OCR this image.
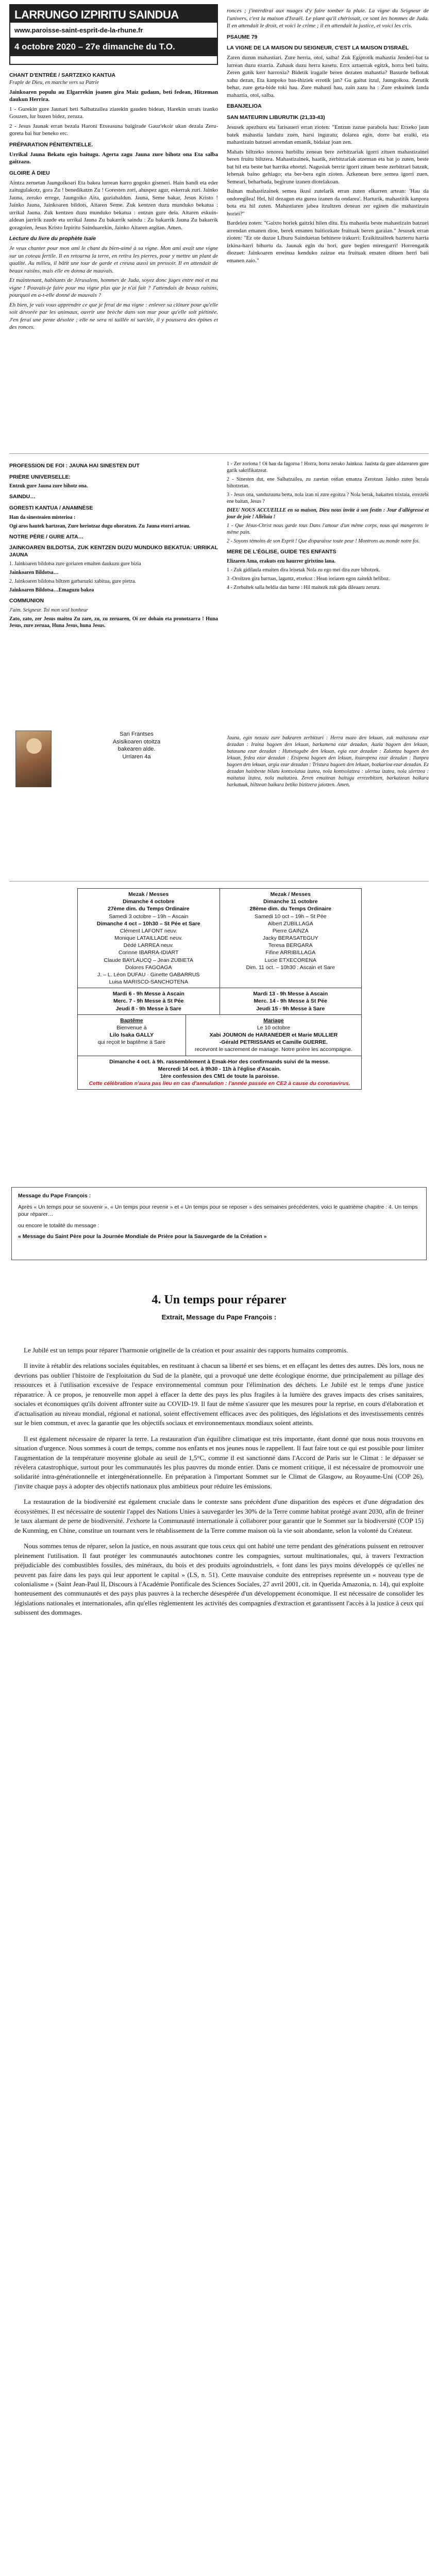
LARRUNGO IZPIRITU SAINDUA
www.paroisse-saint-esprit-de-la-rhune.fr
4 octobre 2020 – 27e dimanche du T.O.
CHANT D'ENTRÉE / SARTZEKO KANTUA
Fraple de Dieu, en marche vers sa Patrie

Jainkoaren populu au Elgarrekin joanen gira Maiz gudaun, beti fedean, Hitzeman daukun Herrira.

1 - Gurekin gure Jaunari beti Salbatzailea ziarekin gauden bidean, Harekin urrats izanko Gouzen, lur buzen bidez, zeruza.

2 - Jesus Jaunak erran bezala Haroni Etxeasuna baigirade Gauz'ekoir ukan dezala Zeru-goreta bai hur beneko erc.

PRÉPARATION PÉNITENTIELLE.

Urrikal Jauna Bekatu egin baitugu. Agerta zagu Jauna zure bihotz ona Eta salba gaitzazu.

GLOIRE À DIEU

Aintza zeruetan Jaungoikoari Eta bakea lurrean harro gogoko giseneri. Hain handi eta eder zaitugulakotz, gora Zu ! benedikatzn Zu ! Goresten zori, ahuspez agur, eskerrak zuri. Jainko Jauna, zeruko errege, Jaungoiko Aita, guziahaldun. Jauna, Seme bakar, Jesus Kristo ! Jainko Jauna, Jainkoaren bildots, Aitaren Seme. Zuk kentzen duzu munduko bekatua : urrikal Jauna. Zuk kentzen duzu munduko bekatua : entzun gure deia. Aitaren eskuin-aldean jarririk zaude eta urrikal Jauna Zu bakarrik saindu : Zu bakarrik Jauna Zu bakarrik goragoien, Jesus Kristo Izpiritu Sainduarekin, Jainko Aitaren argitan. Amen.

Lecture du livre du prophète Isaïe

Je veux chanter pour mon ami le chant du bien-aimé à sa vigne. Mon ami avait une vigne sur un coteau fertile. Il en retourna la terre, en retira les pierres, pour y mettre un plant de qualité. Au milieu, il bâtit une tour de garde et creusa aussi un pressoir. Il en attendait de beaux raisins, mais elle en donna de mauvais.

Et maintenant, habitants de Jérusalem, hommes de Juda, soyez donc juges entre moi et ma vigne ! Pouvais-je faire pour ma vigne plus que je n'ai fait ? J'attendais de beaux raisins, pourquoi en a-t-elle donné de mauvais ?

Eh bien, je vais vous apprendre ce que je ferai de ma vigne : enlever sa clôture pour qu'elle soit dévorée par les animaux, ouvrir une brèche dans son mur pour qu'elle soit piétinée. J'en ferai une pente désolée ; elle ne sera ni taillée ni sarclée, il y poussera des épines et des ronces.

ronces ; j'interdirai aux nuages d'y faire tomber la pluie. La vigne du Seigneur de l'univers, c'est la maison d'Israël. Le plant qu'il chérissait, ce sont les hommes de Juda. Il en attendait le droit, et voici le crime ; il en attendait la justice, et voici les cris.

PSAUME 79
LA VIGNE DE LA MAISON DU SEIGNEUR, C'EST LA MAISON D'ISRAËL

Zaren duzun mahastiari. Zure herria, otoi, salba! Zuk Egiptotik mahastia Jenderi-bat ta lurrean duzu ezarria. Zuhauk duzu herra kasetu. Errx aztaerrak egitzk, horra beti baitu. Zeren gutik kerr harroxia? Bidetik iragaile beren dezaten mahastia? Basurde bellotak xahu dezan, Eta kanpoko bas-ihiziek errotik jan? Gu gaitut itzul, Jaungoikoa. Zerutik behar, zure geta-bide toki hau. Zure mahasti hau, zain zazu ha : Zure eskuinek landa mahaztia, otoi, salba.

EBANJELIOA
SAN MATEURIN LIBURUTIK (21,33-43)

Jesusek apezburu eta farisaueri erran zioten: "Entzun zazue parabola hau: Etxeko jaun batek mahastia landatu zuen, harsi inguratu; dolarea egin, dorre bat eraiki, eta mahastizain batzuei arrendan emanik, bidaiaz joan zen.

Mahats biltzeko tenorea hurbiltu zenean bere zerbitzariak igorri zituen mahastizainei beren fruitu biltzera. Mahastizainek, haatik, zerbitzariak atzeman eta bat jo zuten, beste bat hil eta beste bat harrika ehortzi. Nagusiak berriz igorri zituen beste zerbitzari batzuk, lehenak baino gehiago; eta ber-bera egin zioten. Azkenean bere semea igorri zuen. Semeari, beharbada, begirune izanen diotelakoan.

Bainan mahastizainek semea ikusi zutelarik erran zuten elkarren artean: 'Hau da ondoregilea! Hel, hil dezagun eta gurea izanen da ondarea'. Harturik, mahastitik kanpora bota eta hil zuten. Mahastiaren jabea itzultzen denean zer eginen die mahastizain horiei?"

Bardeleu zoten: "Gaixto horiek gaitzki hilen ditu. Eta mahastia beste mahastizain batzuei arrendan emanen dioe, berek emanen baitiozkate fruituak beren garaian." Jesusek erran zioten: "Ez ote duzue Liburu Sainduetan behinere irakurri: Eraikitzaileek baztertu harria izkina-harri bihurtu da. Jaunak egin du hori, gure begien miresgarri! Horrengatik diozuet: Jainkoaren erreinua kenduko zaizue eta fruituak ematen dituen herri bati emanen zaio."

PROFESSION DE FOI : JAUNA HAI SINESTEN DUT
PRIÈRE UNIVERSELLE:

Entzuk gure Jauna zure bihotz ona.

SAINDU…
GORESTI KANTUA / ANAMNÈSE

Han da sinesteaien misterioa :

Ogi aros hautek hartzean, Zure heriotzaz dugu ohoratzen. Zu Jauna etorri arteau.

NOTRE PÈRE / GURE AITA…
JAINKOAREN BILDOTSA, ZUK KENTZEN DUZU MUNDUKO BEKATUA: URRIKAL JAUNA

1. Jainkoaren bildotsa zure goriaren emaiten daukuzu gure bizia

Jainkoaren Bildotsa…

2. Jainkoaren bildotsa biltzen garbaruzki xabitua, gure pietza.

Jainkoaren Bildotsa…Emaguzu bakea

COMMUNION

J'aim. Seigneur. Toi mon seul bonheur

Zato, zato, zer Jesus maitea Zu zare, zu, zu zeruaren, Oi zer dohain eta pronotzarra ! Huna Jesus, zure zeruaa, Huna Jesus, huna Jesus.

1 - Zer zoriona ! Oi hau da fagoroa ! Horra, horra zerako Jainkoa. Jauista da gure aldarearen gure garik sakrifikatzeat.

2 - Sinesten dut, ene Salbatzailea, zu zaretan ostian emanza Zerotzan Jainko zuten bezala bihotzetan.

3 - Jesus ona, sanduzuuna berta, nola izan ni zure egoitza ? Nola berak, bakarten trixtaia, errezebi ene baitan, Jesus ?

DIEU NOUS ACCUEILLE en sa maison, Dieu nous invite à son festin : Jour d'allégresse et jour de joie ! Alléluia !

1 - Que Jésus-Christ nous garde tous Dans l'amour d'un même corps, nous qui mangerons le même pain.

2 - Soyons témoins de son Esprit ! Que disparaisse toute peur ! Montrons au monde notre foi.

MERE DE L'ÉGLISE, GUIDE TES ENFANTS

Elizaren Ama, erakuts ezu haurrer girixtino lana.

1 - Zuk gidilaula emaiten dira leisetak Nola zu ego mei dira zure bihotzek.

3 -Oroitzen gira barruas, laguntz, etxekoz : Hean ioriaren egon zaitekh heliboz.

4 - Zorbaitek salla heldia dan barne : Hil maitezk zuk gida dileaaru zeruru.

San Frantses
Asisikoaren otoitza
bakearen alde.
Urriaren 4a

Jauna, egin nezazu zure bakearen zerbitzari : Herra mazo den lekuan, zuk maitasuna ezar dezadan : Iraina bagoen den lekuan, barkamena ezar dezadan, Auzia bagoen den lekuan, batasuna ezar dezadan : Hutsetagabe den lekuan, egia ezar dezadan : Zalantza bagoen den lekuan, fedea ezar dezadan : Etsipena bagoen den lekuan, itxaropena ezar dezadan : Ilunpea bagoen den lekuan, argia ezar dezadan : Tristura bagoen den lekuan, bozkarioa ezar dezadan. Ez dezadan hainbeste bilatu kontsolatua izatea, nola kontsolatzea : ulertua izatea, nola ulertzea : maitatua izatea, nola maitatzea. Zeren emaitean baitugu errezebitzen, barkatzean baikara barkatuak, hiltzean baikara betiko bizitzera jaiotzen. Amen.

Mezak / Messes
Dimanche 4 octobre
27ème dim. du Temps Ordinaire
Samedi 3 octobre – 19h – Ascain
Dimanche 4 oct – 10h30 – St Pée et Sare
Clément LAFONT neuv.
Monique LATAILLADE neuv.
Dédé LARREA neuv.
Corinne IBARRA-IDIART
Claude BAYLAUCQ – Jean ZUBIETA
Dolores FAGOAGA
J. – L. Léon DUFAU · Ginette GABARRUS
Luisa MARISCO-SANCHOTENA
Mezak / Messes
Dimanche 11 octobre
28ème dim. du Temps Ordinaire
Samedi 10 oct – 19h – St Pée
Albert ZUBILLAGA
Pierre GAINZA
Jacky BERASATEGUY
Teresa BERGARA
Fifine ARRIBILLAGA
Lucie ETXECORENA
Dim. 11 oct. – 10h30 : Ascain et Sare
Mardi 6 - 9h Messe à Ascain
Merc. 7 - 9h Messe à St Pée
Jeudi 8 - 9h Messe à Sare
Mardi 13 - 9h Messe à Ascain
Merc. 14 - 9h Messe à St Pée
Jeudi 15 - 9h Messe à Sare
Baptême
Bienvenue à
Lilo Isaka GALLY
qui reçoit le baptême à Sare
Mariage
Le 10 octobre
Xabi JOUMON de HARANEDER et Marie MULLIER
-Gérald PETRISSANS et Camille GUERRE.
recevront le sacrement de mariage. Notre prière les accompagne.
Dimanche 4 oct. à 9h. rassemblement à Emak-Hor des confirmands suivi de la messe.
Mercredi 14 oct. à 9h30 - 11h à l'église d'Ascain.
1ère confession des CM1 de toute la paroisse.
Cette célébration n'aura pas lieu en cas d'annulation : l'année passée en CE2 à cause du coronavirus.
Message du Pape François :

Après « Un temps pour se souvenir », « Un temps pour revenir » et « Un temps pour se reposer » des semaines précédentes, voici le quatrième chapitre : 4. Un temps pour réparer…

ou encore le totalité du message :

« Message du Saint Père pour la Journée Mondiale de Prière pour la Sauvegarde de la Création »

4. Un temps pour réparer
Extrait, Message du Pape François :

Le Jubilé est un temps pour réparer l'harmonie originelle de la création et pour assainir des rapports humains compromis.

Il invite à rétablir des relations sociales équitables, en restituant à chacun sa liberté et ses biens, et en effaçant les dettes des autres. Dès lors, nous ne devrions pas oublier l'histoire de l'exploitation du Sud de la planète, qui a provoqué une dette écologique énorme, due principalement au pillage des ressources et à l'utilisation excessive de l'espace environnemental commun pour l'élimination des déchets. Le Jubilé est le temps d'une justice réparatrice. À ce propos, je renouvelle mon appel à effacer la dette des pays les plus fragiles à la lumière des graves impacts des crises sanitaires, sociales et économiques qu'ils doivent affronter suite au COVID-19. Il faut de même s'assurer que les mesures pour la reprise, en cours d'élaboration et d'actualisation au niveau mondial, régional et national, soient effectivement efficaces avec des politiques, des législations et des investissements centrés sur le bien commun, et avec la garantie que les objectifs sociaux et environnementaux mondiaux soient atteints.

Il est également nécessaire de réparer la terre. La restauration d'un équilibre climatique est très importante, étant donné que nous nous trouvons en situation d'urgence. Nous sommes à court de temps, comme nos enfants et nos jeunes nous le rappellent. Il faut faire tout ce qui est possible pour limiter l'augmentation de la température moyenne globale au seuil de 1,5°C, comme il est sanctionné dans l'Accord de Paris sur le Climat : le dépasser se révèlera catastrophique, surtout pour les communautés les plus pauvres du monde entier. Dans ce moment critique, il est nécessaire de promouvoir une solidarité intra-générationnelle et intergénérationnelle. En préparation à l'important Sommet sur le Climat de Glasgow, au Royaume-Uni (COP 26), j'invite chaque pays à adopter des objectifs nationaux plus ambitieux pour réduire les émissions.

La restauration de la biodiversité est également cruciale dans le contexte sans précédent d'une disparition des espèces et d'une dégradation des écosystèmes. Il est nécessaire de soutenir l'appel des Nations Unies à sauvegarder les 30% de la Terre comme habitat protégé avant 2030, afin de freiner le taux alarmant de perte de biodiversité. J'exhorte la Communauté internationale à collaborer pour garantir que le Sommet sur la biodiversité (COP 15) de Kunming, en Chine, constitue un tournant vers le rétablissement de la Terre comme maison où la vie soit abondante, selon la volonté du Créateur.

Nous sommes tenus de réparer, selon la justice, en nous assurant que tous ceux qui ont habité une terre pendant des générations puissent en retrouver pleinement l'utilisation. Il faut protéger les communautés autochtones contre les compagnies, surtout multinationales, qui, à travers l'extraction préjudiciable des combustibles fossiles, des minéraux, du bois et des produits agroindustriels, « font dans les pays moins développés ce qu'elles ne peuvent pas faire dans les pays qui leur apportent le capital » (LS, n. 51). Cette mauvaise conduite des entreprises représente un « nouveau type de colonialisme » (Saint Jean-Paul II, Discours à l'Académie Pontificale des Sciences Sociales, 27 avril 2001, cit. in Querida Amazonia, n. 14), qui exploite honteusement des communautés et des pays plus pauvres à la recherche désespérée d'un développement économique. Il est nécessaire de consolider les législations nationales et internationales, afin qu'elles règlementent les activités des compagnies d'extraction et garantissent l'accès à la justice à ceux qui subissent des dommages.
